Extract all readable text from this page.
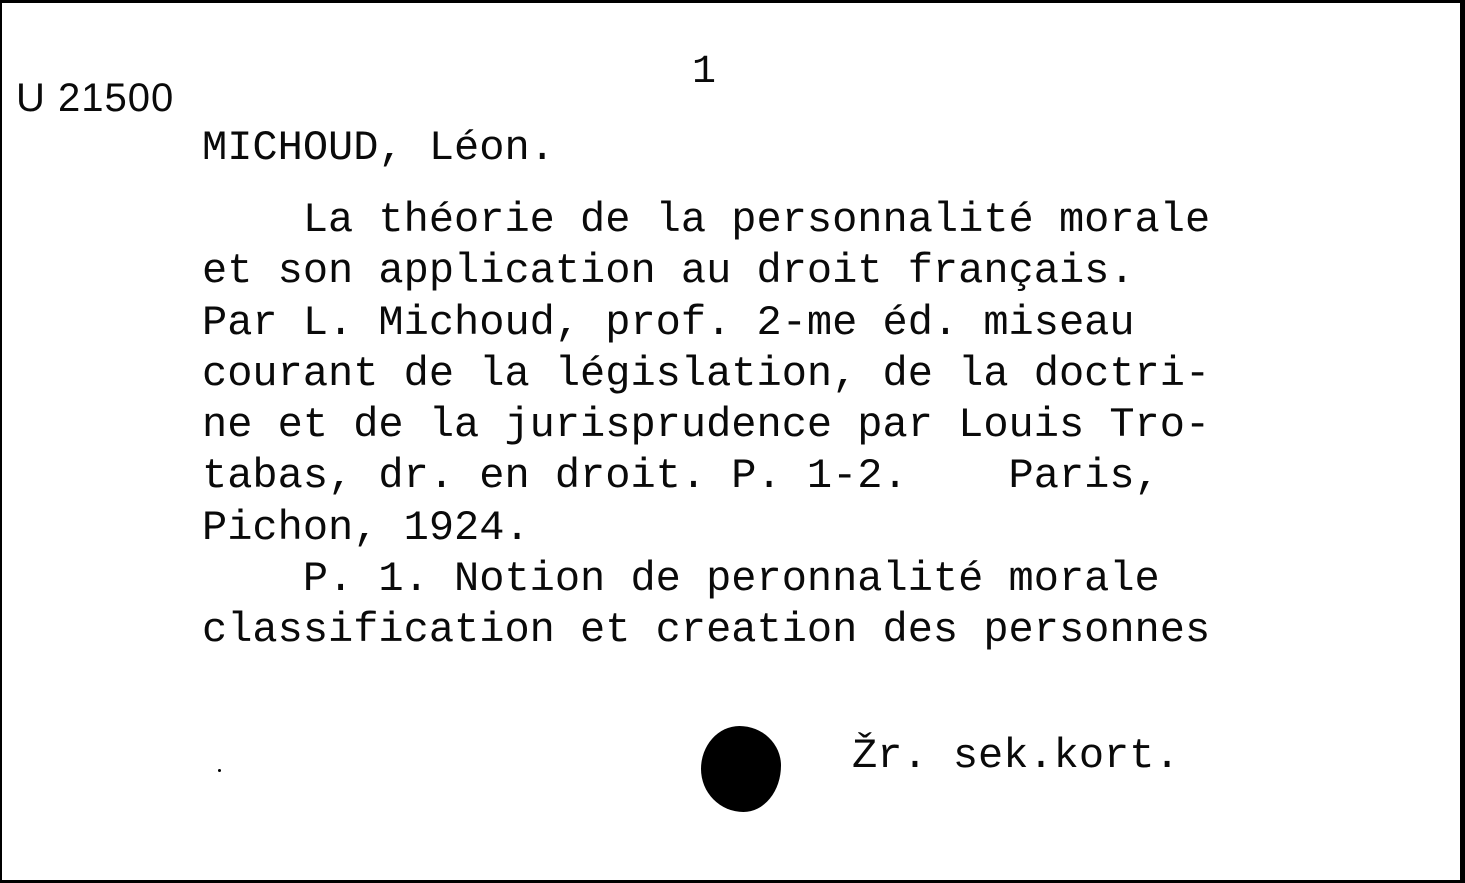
U 21500
1
MICHOUD, Léon.
La théorie de la personnalité morale
et son application au droit français.
Par L. Michoud, prof. 2-me éd. miseau
courant de la législation, de la doctri-
ne et de la jurisprudence par Louis Tro-
tabas, dr. en droit. P. 1-2.    Paris,
Pichon, 1924.
P. 1. Notion de peronnalité morale
classification et creation des personnes
Žr. sek.kort.
